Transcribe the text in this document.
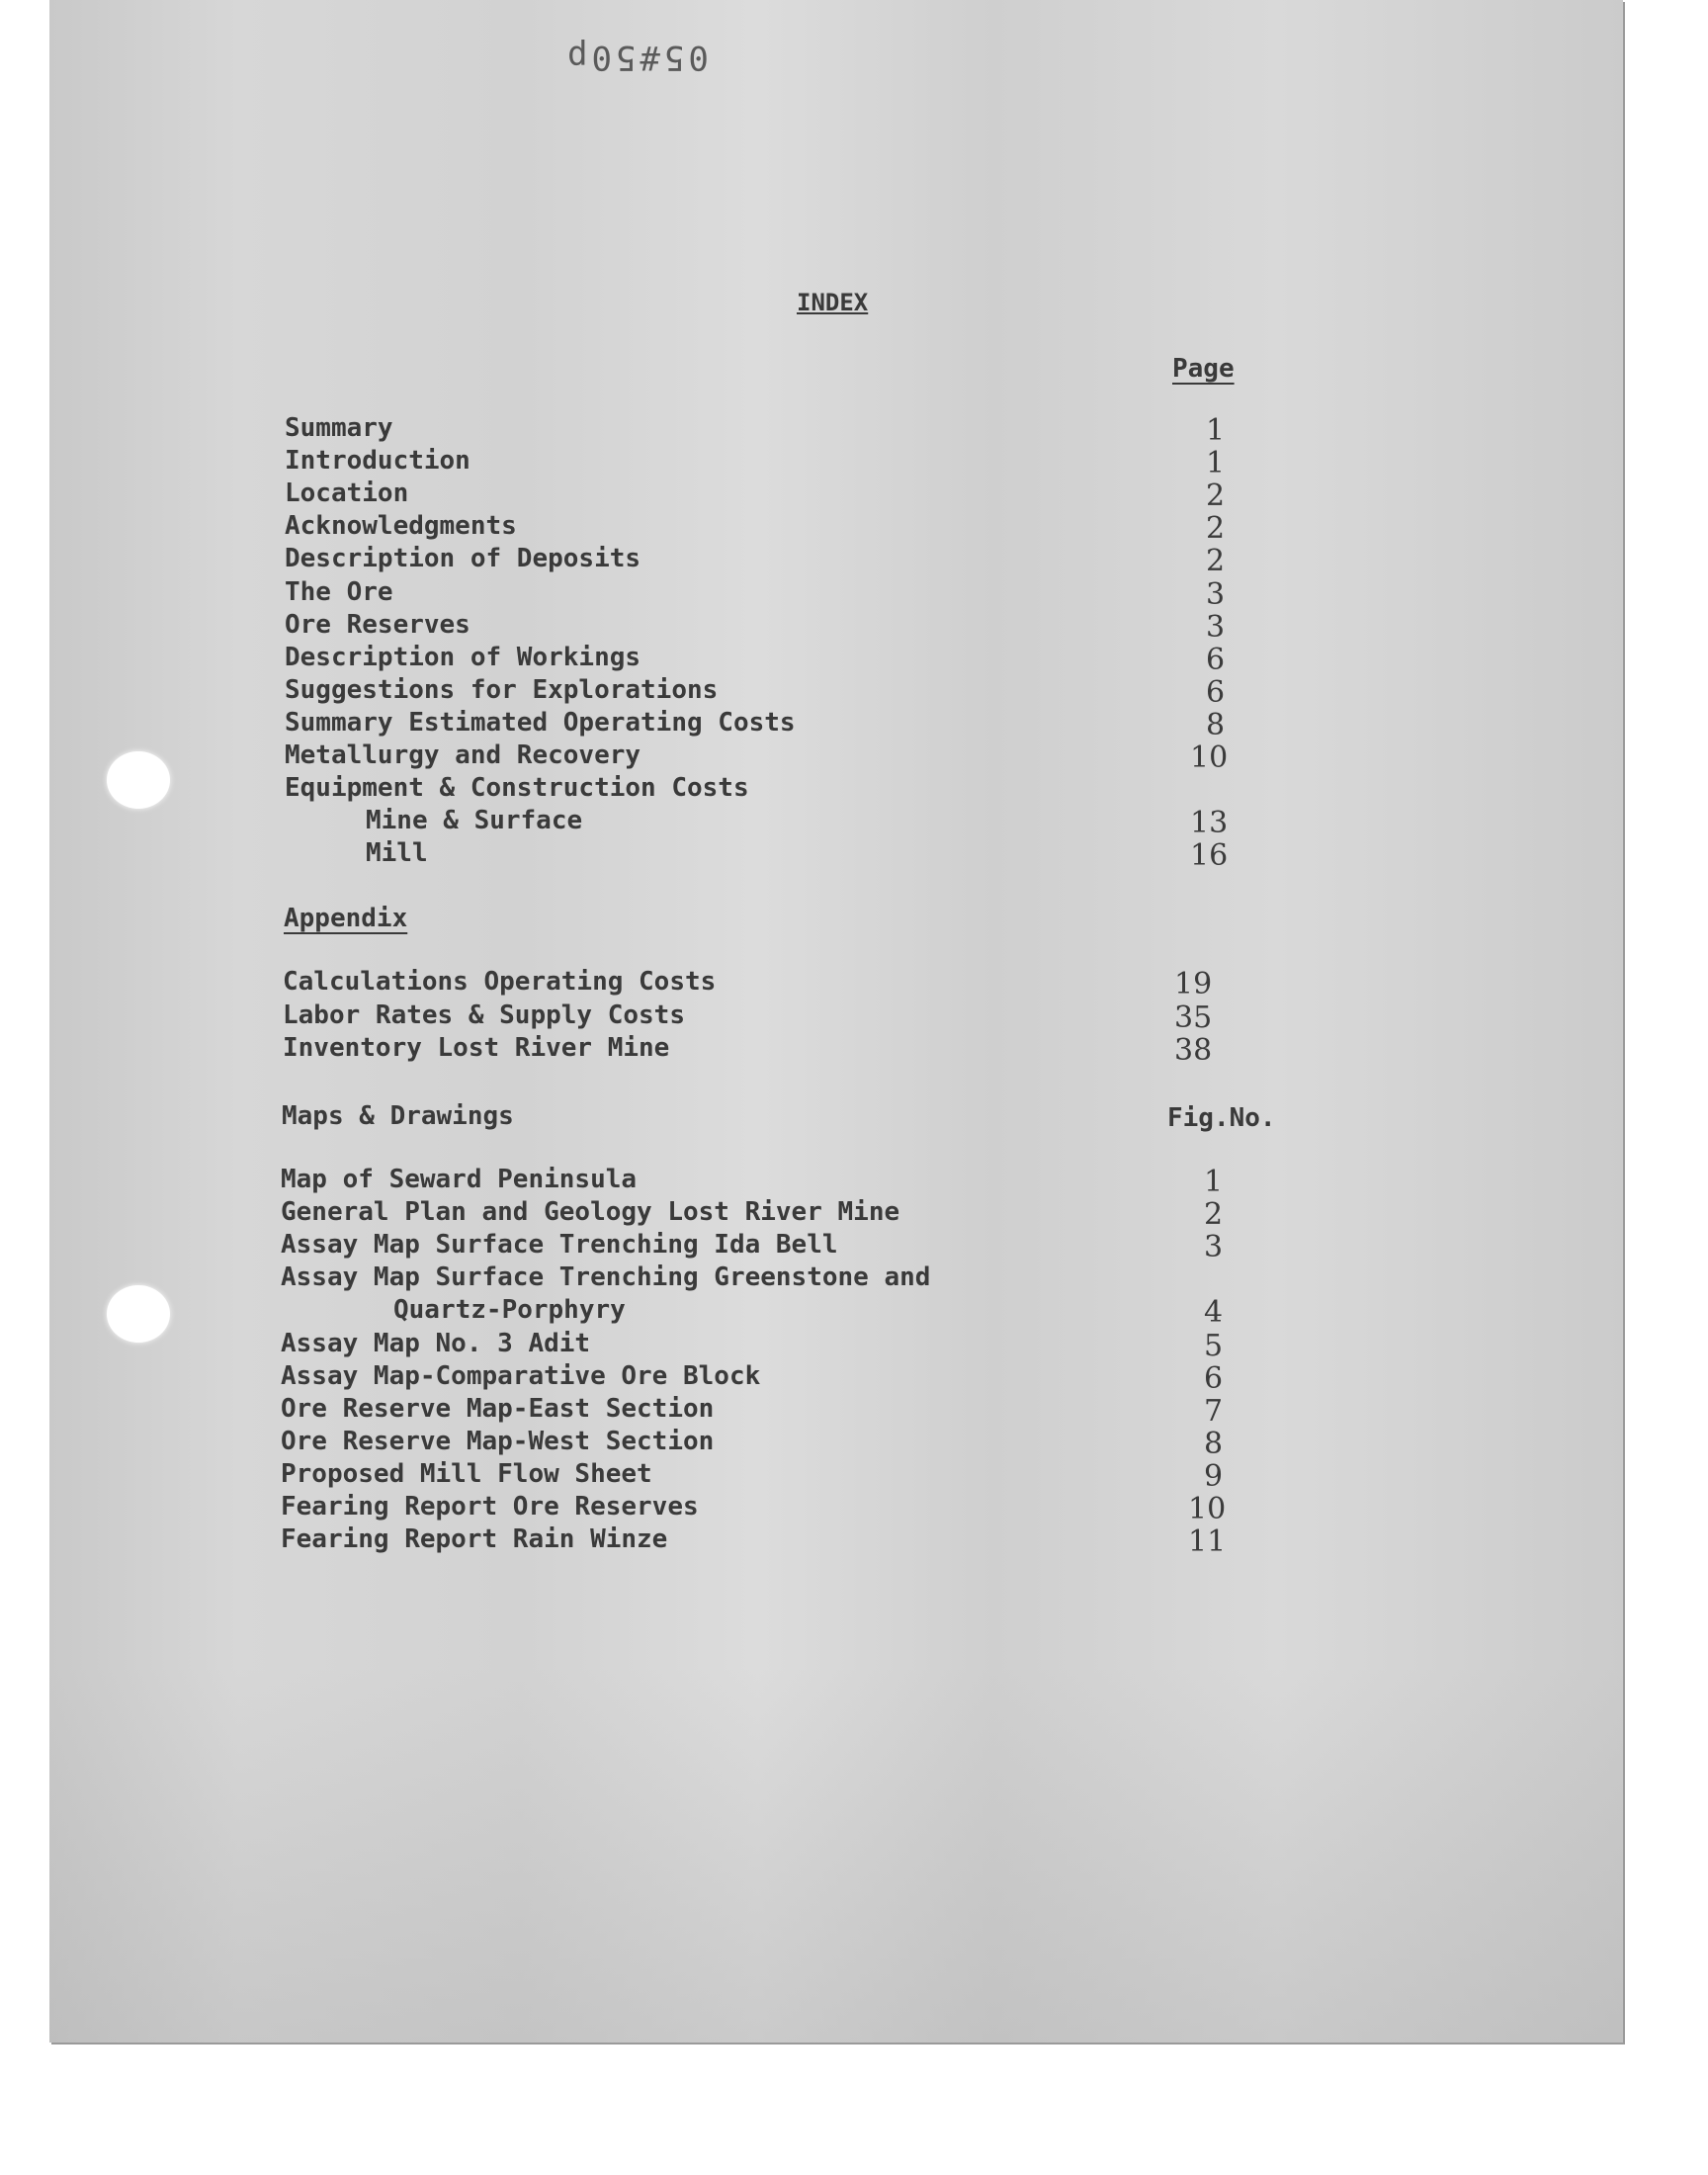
05#50p
INDEX
Page
Summary	1
Introduction	1
Location	2
Acknowledgments	2
Description of Deposits	2
The Ore	3
Ore Reserves	3
Description of Workings	6
Suggestions for Explorations	6
Summary Estimated Operating Costs	8
Metallurgy and Recovery	10
Equipment & Construction Costs
Mine & Surface	13
Mill	16
Appendix
Calculations Operating Costs	19
Labor Rates & Supply Costs	35
Inventory Lost River Mine	38
Maps & Drawings	Fig.No.
Map of Seward Peninsula	1
General Plan and Geology Lost River Mine	2
Assay Map Surface Trenching Ida Bell	3
Assay Map Surface Trenching Greenstone and
Quartz-Porphyry	4
Assay Map No. 3 Adit	5
Assay Map-Comparative Ore Block	6
Ore Reserve Map-East Section	7
Ore Reserve Map-West Section	8
Proposed Mill Flow Sheet	9
Fearing Report Ore Reserves	10
Fearing Report Rain Winze	11
